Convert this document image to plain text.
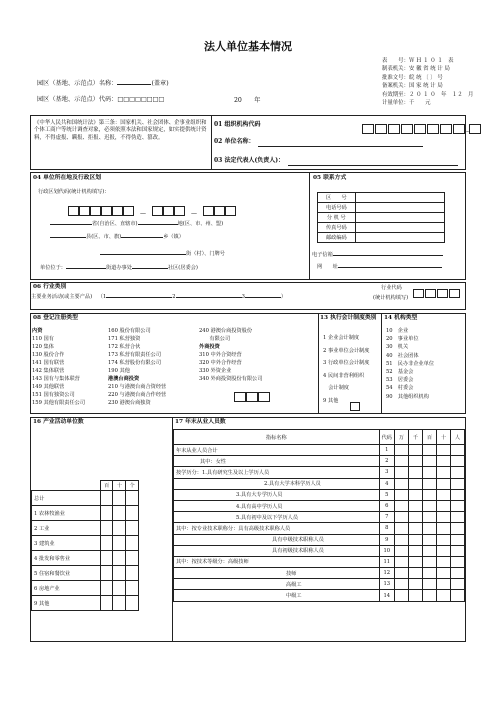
法人单位基本情况
表　　号：Ｗ Ｈ １ ０ １　表
制表机关：安 徽 省 统 计 局
批准文号：皖 统 〔 〕 号
备案机关：国 家 统 计 局
有效期至：２ ０ １ ０　年　１２　月
计量单位：千　　元
园区（基地、示范点）名称：	(盖章)
园区（基地、示范点）代码：□□□□□□□□	20　　年
《中华人民共和国统计法》第三条：国家机关、社会团体、企事业组织和个体工商户等统计调查对象，必须依照本法和国家规定，如实提供统计资料，不得虚报、瞒报、拒报、迟报，不得伪造、篡改。
01 组织机构代码
–
02 单位名称：
03 法定代表人(负责人)：
04 单位所在地及行政区划
行政区划代码(统计机构填写)：
　—　	　—　
省(自治区、直辖市)	地(区、市、州、盟)
县(区、市、旗)	乡（镇）
街（村）、门牌号
单位位于：	街道办事处	社区(居委会)
05 联系方式
区　　号	
电话号码	
分 机 号	
传真号码	
邮政编码	
电子信箱
网　　址
06 行业类别
主要业务活动(或主要产品) （1	2	3	）
行业代码
(统计机构填写)
08 登记注册类型
内资
110 国有
120 集体
130 股份合作
141 国有联营
142 集体联营
143 国有与集体联营
149 其他联营
151 国有独资公司
159 其他有限责任公司
160 股份有限公司
171 私营独资
172 私营合伙
173 私营有限责任公司
174 私营股份有限公司
190 其他
港澳台商投资
210 与港澳台商合资经营
220 与港澳台商合作经营
230 港澳台商独资
240 港澳台商投资股份
　　有限公司
外商投资
310 中外合资经营
320 中外合作经营
330 外资企业
340 外商投资股份有限公司
13 执行会计制度类别
1 企业会计制度
2 事业单位会计制度
3 行政单位会计制度
4 民间非营利组织
　会计制度
9 其他
14 机构类型
10　企业
20　事业单位
30　机关
40　社会团体
51　民办非企业单位
52　基金会
53　居委会
54　村委会
90　其他组织机构
16 产业活动单位数
	百	十	个
总计			
1 农林牧渔业			
2 工业			
3 建筑业			
4 批发和零售业			
5 住宿和餐饮业			
6 房地产业			
9 其他			
17 年末从业人员数
指标名称	代码	万	千	百	十	人
年末从业人员合计	1					
其中：女性	2					
按学历分：1.具有研究生及以上学历人员	3					
2.具有大学本科学历人员	4					
3.具有大专学历人员	5					
4.具有高中学历人员	6					
5.具有初中及以下学历人员	7					
其中：按专业技术职称分：具有高级技术职称人员	8					
具有中级技术职称人员	9					
具有初级技术职称人员	10					
其中：按技术等级分：高级技师	11					
技师	12					
高级工	13					
中级工	14					
